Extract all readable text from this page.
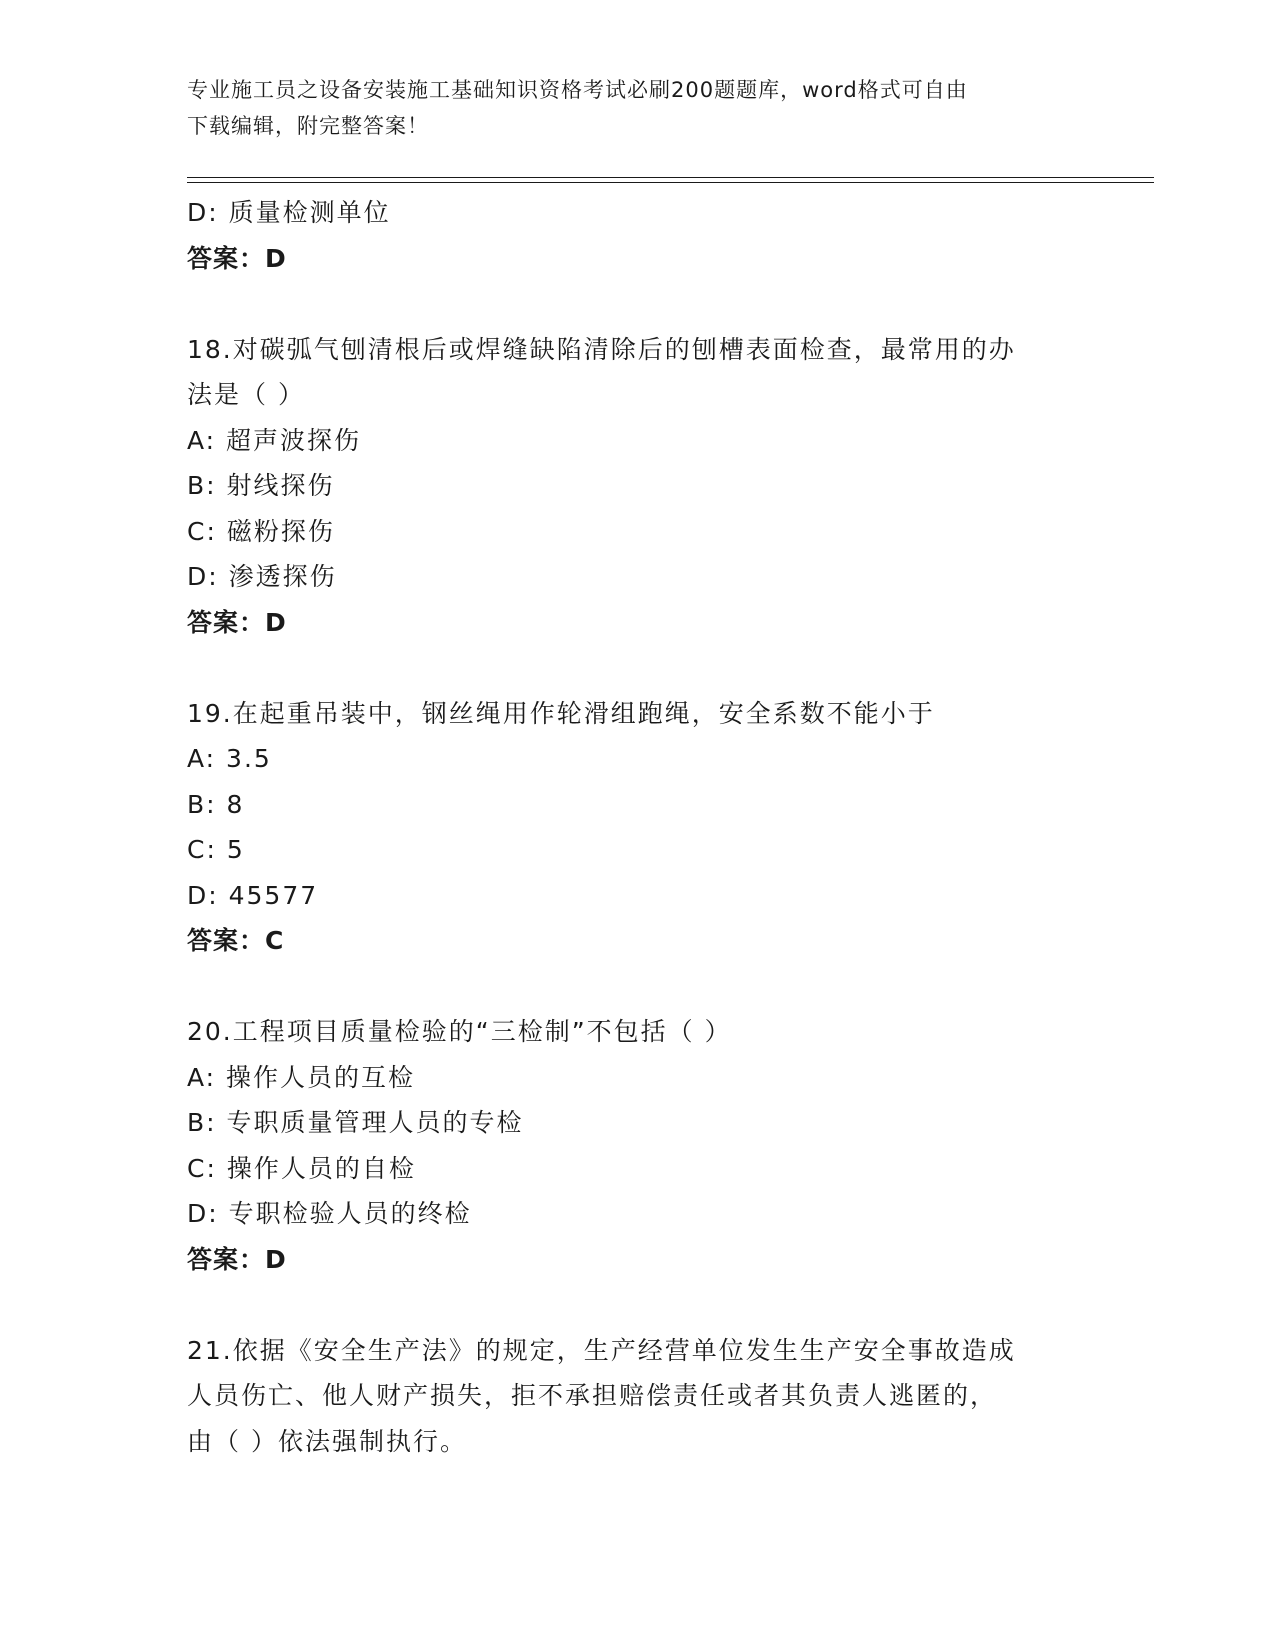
专业施工员之设备安装施工基础知识资格考试必刷200题题库，word格式可自由
下载编辑，附完整答案！
D: 质量检测单位
答案：D
18.对碳弧气刨清根后或焊缝缺陷清除后的刨槽表面检查，最常用的办
法是（ ）
A: 超声波探伤
B: 射线探伤
C: 磁粉探伤
D: 渗透探伤
答案：D
19.在起重吊装中，钢丝绳用作轮滑组跑绳，安全系数不能小于
A: 3.5
B: 8
C: 5
D: 45577
答案：C
20.工程项目质量检验的“三检制”不包括（ ）
A: 操作人员的互检
B: 专职质量管理人员的专检
C: 操作人员的自检
D: 专职检验人员的终检
答案：D
21.依据《安全生产法》的规定，生产经营单位发生生产安全事故造成
人员伤亡、他人财产损失，拒不承担赔偿责任或者其负责人逃匿的，
由（ ）依法强制执行。
